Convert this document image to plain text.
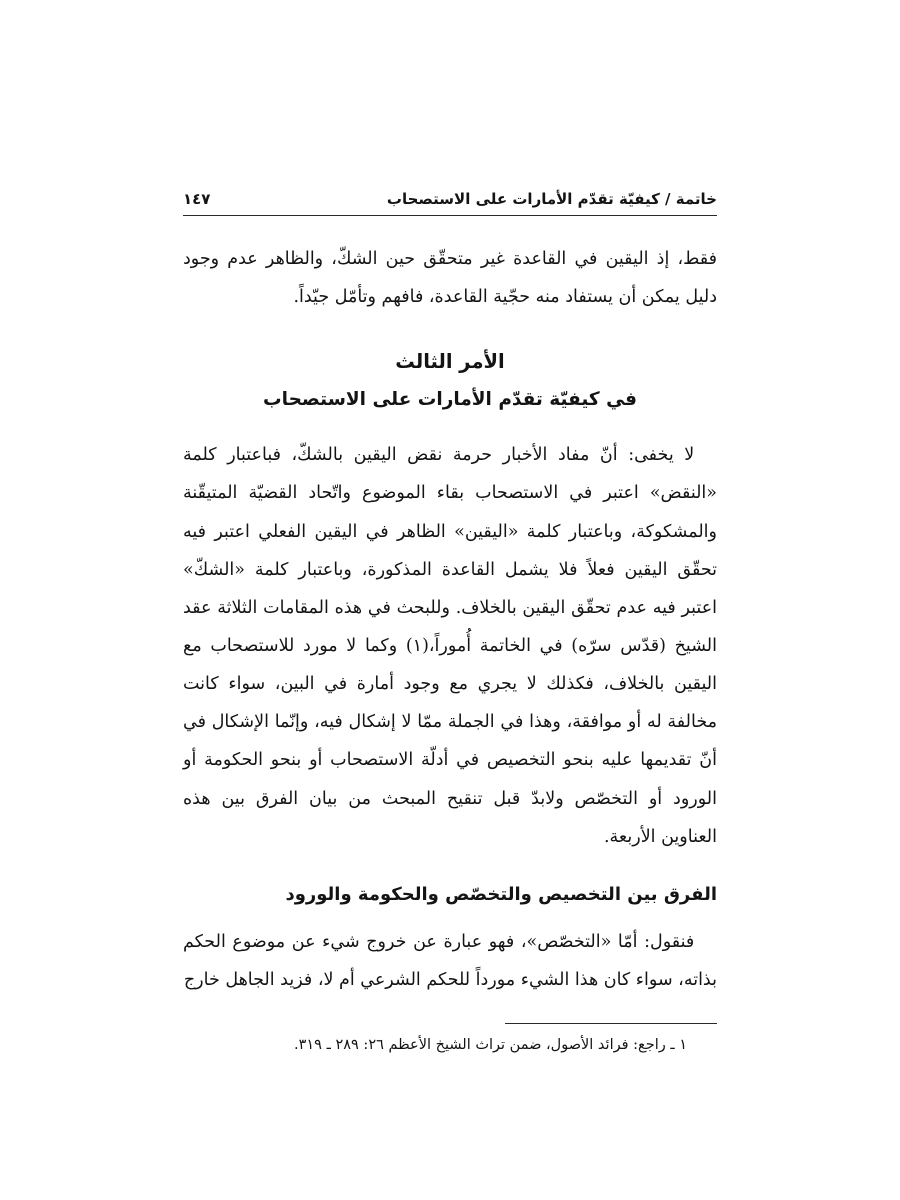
خاتمة / كيفيّة تقدّم الأمارات على الاستصحاب
١٤٧

فقط، إذ اليقين في القاعدة غير متحقّق حين الشكّ، والظاهر عدم وجود دليل يمكن أن يستفاد منه حجّية القاعدة، فافهم وتأمّل جيّداً.

الأمر الثالث
في كيفيّة تقدّم الأمارات على الاستصحاب

لا يخفى: أنّ مفاد الأخبار حرمة نقض اليقين بالشكّ، فباعتبار كلمة «النقض» اعتبر في الاستصحاب بقاء الموضوع واتّحاد القضيّة المتيقّنة والمشكوكة، وباعتبار كلمة «اليقين» الظاهر في اليقين الفعلي اعتبر فيه تحقّق اليقين فعلاً فلا يشمل القاعدة المذكورة، وباعتبار كلمة «الشكّ» اعتبر فيه عدم تحقّق اليقين بالخلاف. وللبحث في هذه المقامات الثلاثة عقد الشيخ (قدّس سرّه) في الخاتمة أُموراً،(١) وكما لا مورد للاستصحاب مع اليقين بالخلاف، فكذلك لا يجري مع وجود أمارة في البين، سواء كانت مخالفة له أو موافقة، وهذا في الجملة ممّا لا إشكال فيه، وإنّما الإشكال في أنّ تقديمها عليه بنحو التخصيص في أدلّة الاستصحاب أو بنحو الحكومة أو الورود أو التخصّص ولابدّ قبل تنقيح المبحث من بيان الفرق بين هذه العناوين الأربعة.

الفرق بين التخصيص والتخصّص والحكومة والورود

فنقول: أمّا «التخصّص»، فهو عبارة عن خروج شيء عن موضوع الحكم بذاته، سواء كان هذا الشيء مورداً للحكم الشرعي أم لا، فزيد الجاهل خارج

١ ـ راجع: فرائد الأصول، ضمن تراث الشيخ الأعظم ٢٦: ٢٨٩ ـ ٣١٩.
